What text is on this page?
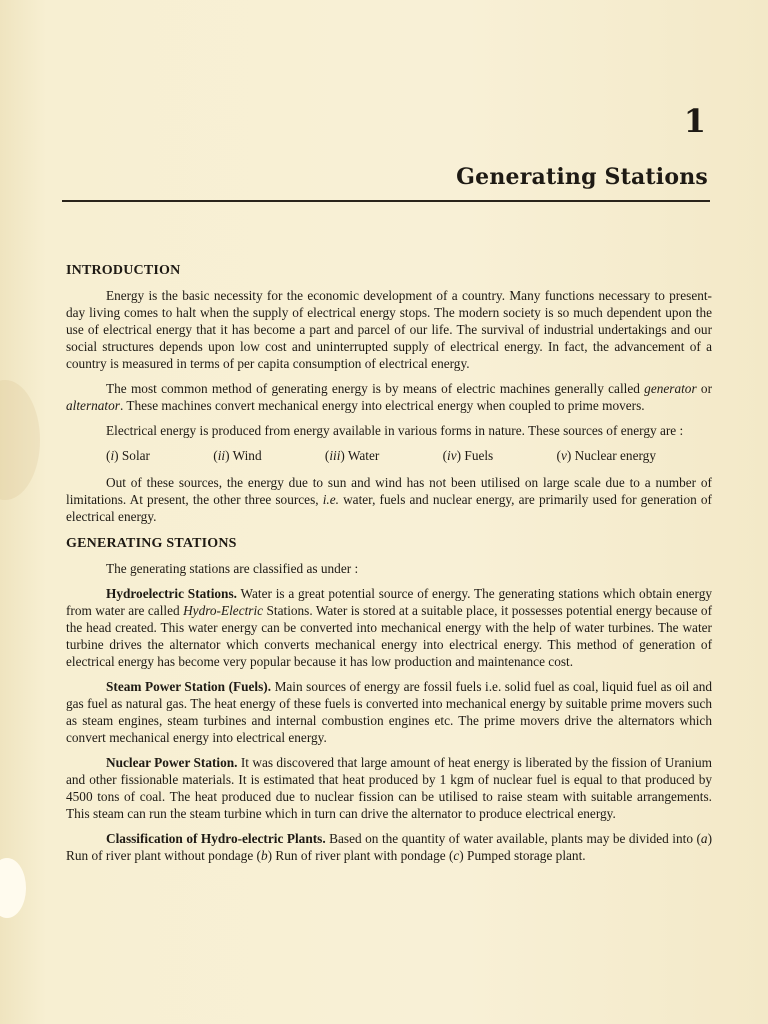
1
Generating Stations
INTRODUCTION

Energy is the basic necessity for the economic development of a country. Many functions necessary to present-day living comes to halt when the supply of electrical energy stops. The modern society is so much dependent upon the use of electrical energy that it has become a part and parcel of our life. The survival of industrial undertakings and our social structures depends upon low cost and uninterrupted supply of electrical energy. In fact, the advancement of a country is measured in terms of per capita consumption of electrical energy.

The most common method of generating energy is by means of electric machines generally called generator or alternator. These machines convert mechanical energy into electrical energy when coupled to prime movers.

Electrical energy is produced from energy available in various forms in nature. These sources of energy are :

(i) Solar	(ii) Wind	(iii) Water	(iv) Fuels	(v) Nuclear energy

Out of these sources, the energy due to sun and wind has not been utilised on large scale due to a number of limitations. At present, the other three sources, i.e. water, fuels and nuclear energy, are primarily used for generation of electrical energy.

GENERATING STATIONS

The generating stations are classified as under :

Hydroelectric Stations. Water is a great potential source of energy. The generating stations which obtain energy from water are called Hydro-Electric Stations. Water is stored at a suitable place, it possesses potential energy because of the head created. This water energy can be converted into mechanical energy with the help of water turbines. The water turbine drives the alternator which converts mechanical energy into electrical energy. This method of generation of electrical energy has become very popular because it has low production and maintenance cost.

Steam Power Station (Fuels). Main sources of energy are fossil fuels i.e. solid fuel as coal, liquid fuel as oil and gas fuel as natural gas. The heat energy of these fuels is converted into mechanical energy by suitable prime movers such as steam engines, steam turbines and internal combustion engines etc. The prime movers drive the alternators which convert mechanical energy into electrical energy.

Nuclear Power Station. It was discovered that large amount of heat energy is liberated by the fission of Uranium and other fissionable materials. It is estimated that heat produced by 1 kgm of nuclear fuel is equal to that produced by 4500 tons of coal. The heat produced due to nuclear fission can be utilised to raise steam with suitable arrangements. This steam can run the steam turbine which in turn can drive the alternator to produce electrical energy.

Classification of Hydro-electric Plants. Based on the quantity of water available, plants may be divided into (a) Run of river plant without pondage (b) Run of river plant with pondage (c) Pumped storage plant.
